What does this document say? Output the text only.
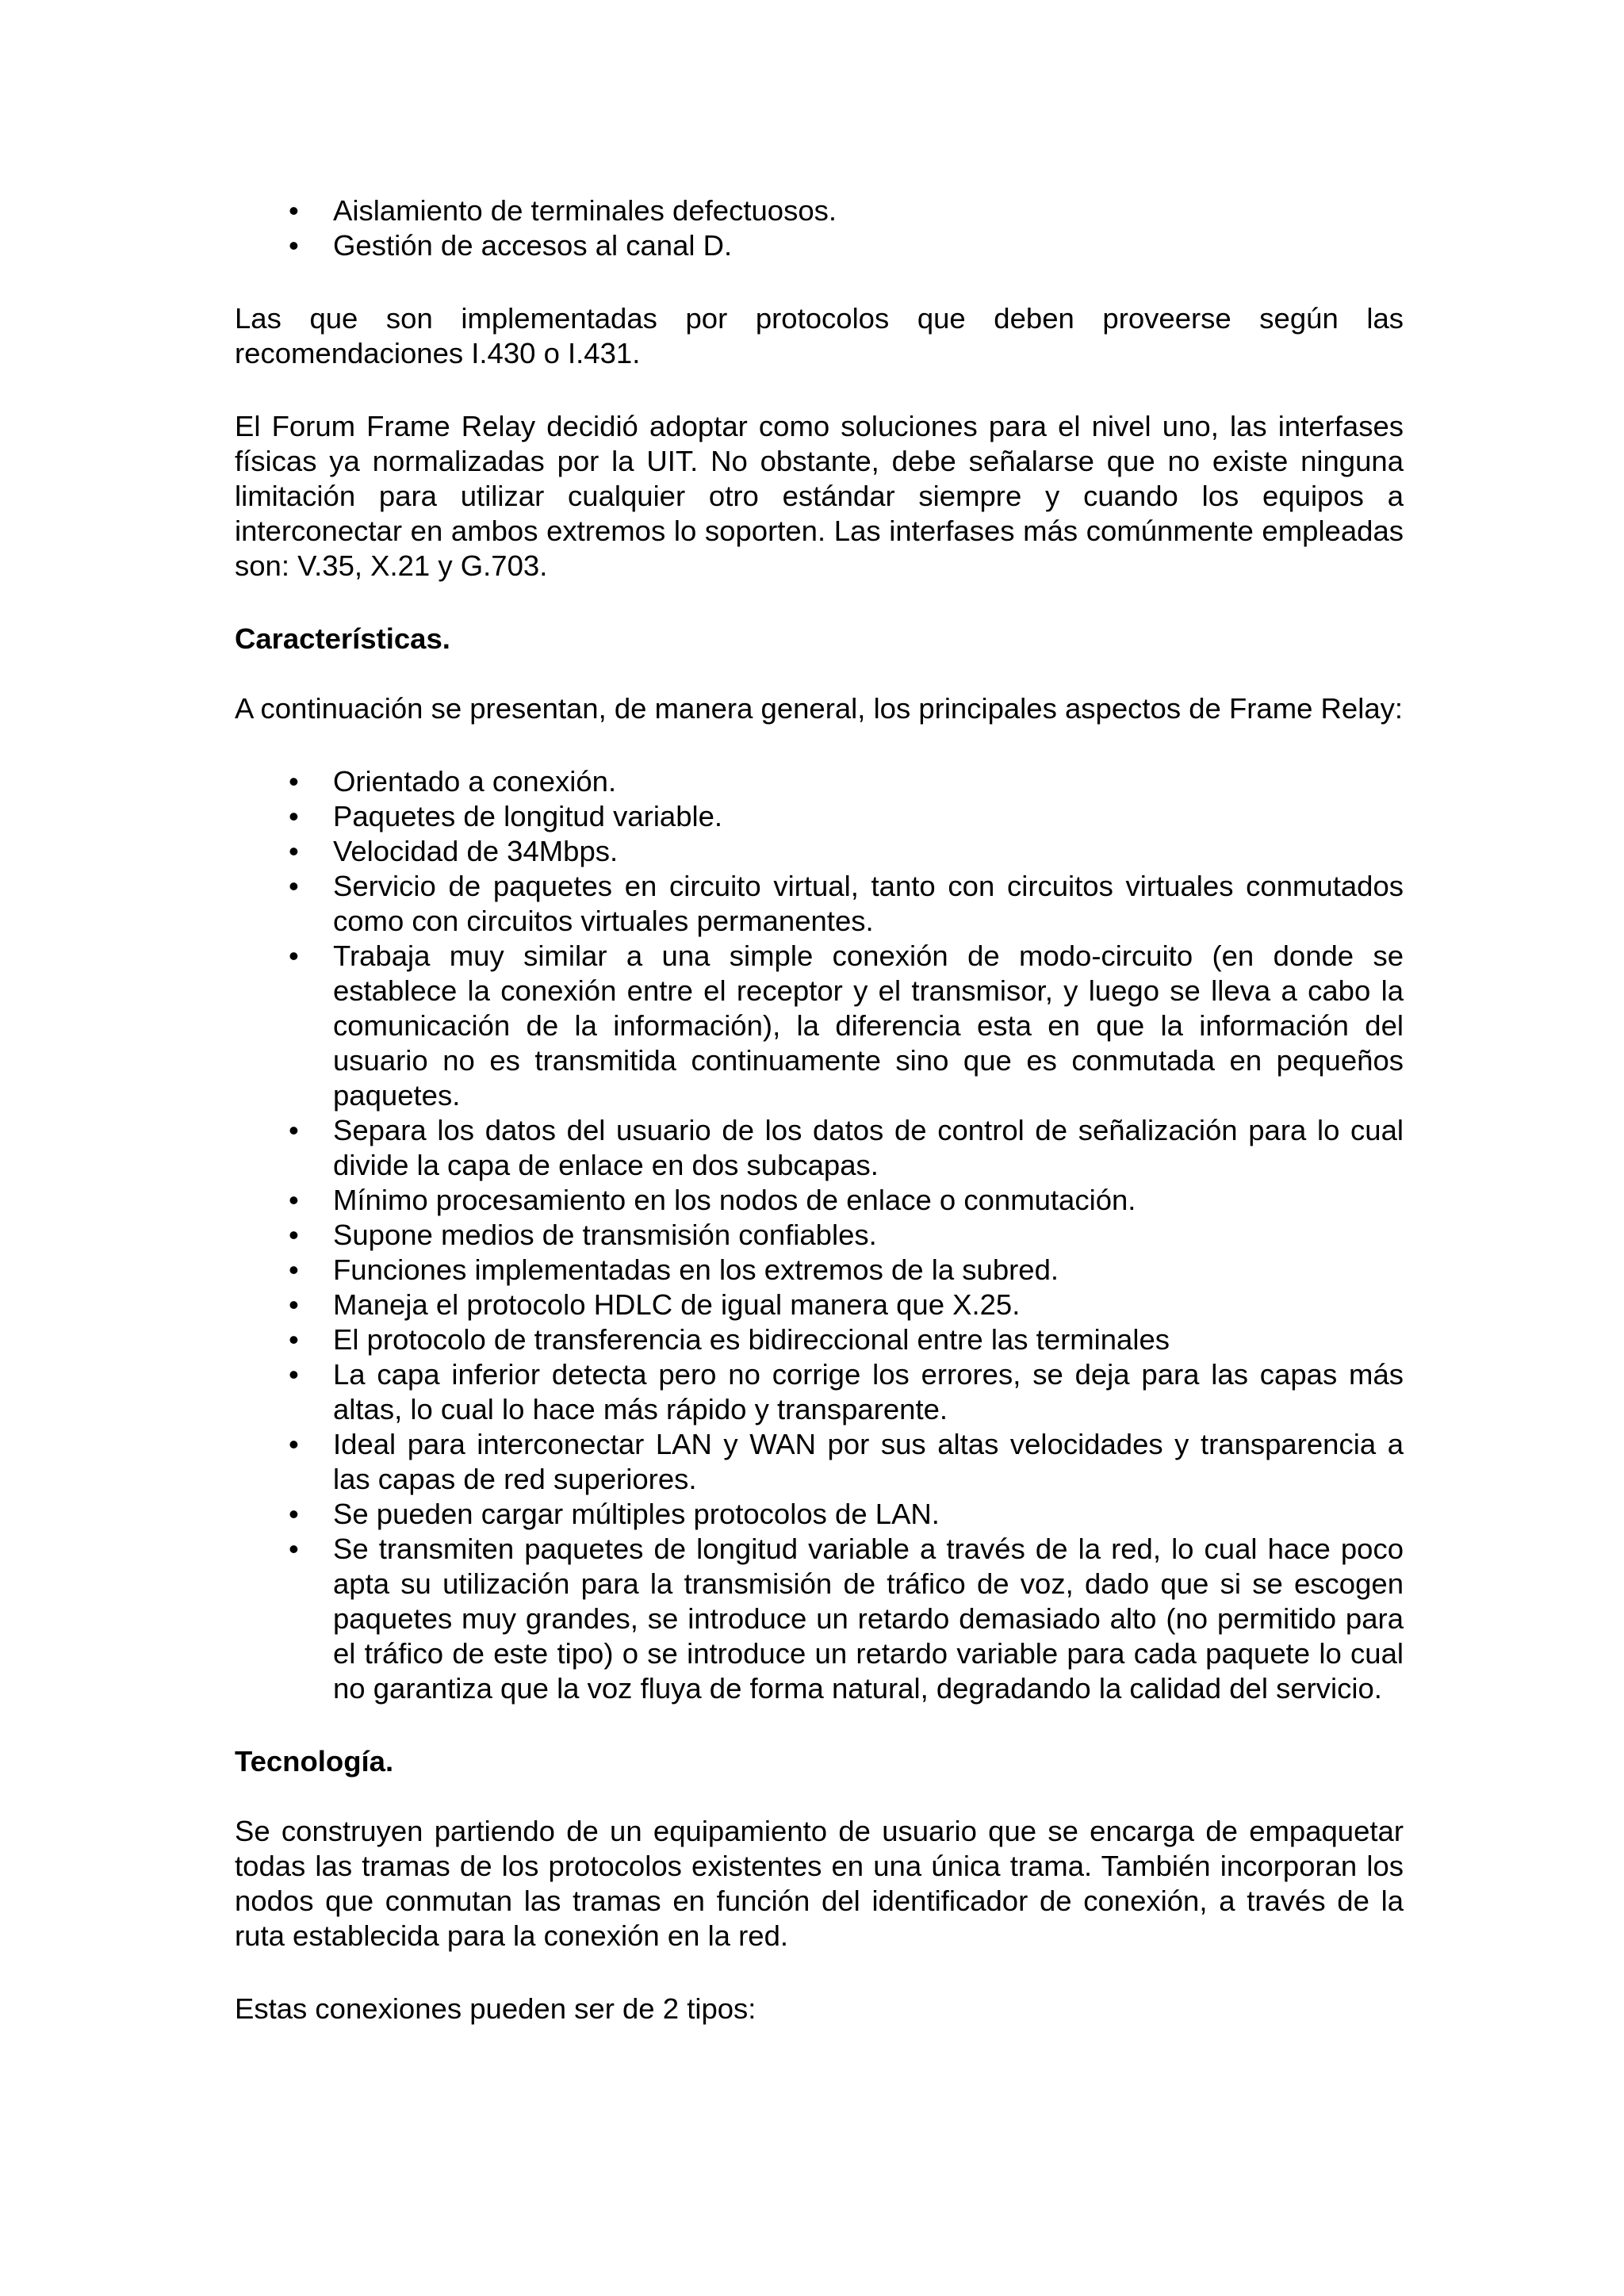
• Aislamiento de terminales defectuosos.
• Gestión de accesos al canal D.

Las que son implementadas por protocolos que deben proveerse según las recomendaciones I.430 o I.431.

El Forum Frame Relay decidió adoptar como soluciones para el nivel uno, las interfases físicas ya normalizadas por la UIT. No obstante, debe señalarse que no existe ninguna limitación para utilizar cualquier otro estándar siempre y cuando los equipos a interconectar en ambos extremos lo soporten. Las interfases más comúnmente empleadas son: V.35, X.21 y G.703.

Características.

A continuación se presentan, de manera general, los principales aspectos de Frame Relay:

• Orientado a conexión.
• Paquetes de longitud variable.
• Velocidad de 34Mbps.
• Servicio de paquetes en circuito virtual, tanto con circuitos virtuales conmutados como con circuitos virtuales permanentes.
• Trabaja muy similar a una simple conexión de modo-circuito (en donde se establece la conexión entre el receptor y el transmisor, y luego se lleva a cabo la comunicación de la información), la diferencia esta en que la información del usuario no es transmitida continuamente sino que es conmutada en pequeños paquetes.
• Separa los datos del usuario de los datos de control de señalización para lo cual divide la capa de enlace en dos subcapas.
• Mínimo procesamiento en los nodos de enlace o conmutación.
• Supone medios de transmisión confiables.
• Funciones implementadas en los extremos de la subred.
• Maneja el protocolo HDLC de igual manera que X.25.
• El protocolo de transferencia es bidireccional entre las terminales
• La capa inferior detecta pero no corrige los errores, se deja para las capas más altas, lo cual lo hace más rápido y transparente.
• Ideal para interconectar LAN y WAN por sus altas velocidades y transparencia a las capas de red superiores.
• Se pueden cargar múltiples protocolos de LAN.
• Se transmiten paquetes de longitud variable a través de la red, lo cual hace poco apta su utilización para la transmisión de tráfico de voz, dado que si se escogen paquetes muy grandes, se introduce un retardo demasiado alto (no permitido para el tráfico de este tipo) o se introduce un retardo variable para cada paquete lo cual no garantiza que la voz fluya de forma natural, degradando la calidad del servicio.

Tecnología.

Se construyen partiendo de un equipamiento de usuario que se encarga de empaquetar todas las tramas de los protocolos existentes en una única trama. También incorporan los nodos que conmutan las tramas en función del identificador de conexión, a través de la ruta establecida para la conexión en la red.

Estas conexiones pueden ser de 2 tipos:
